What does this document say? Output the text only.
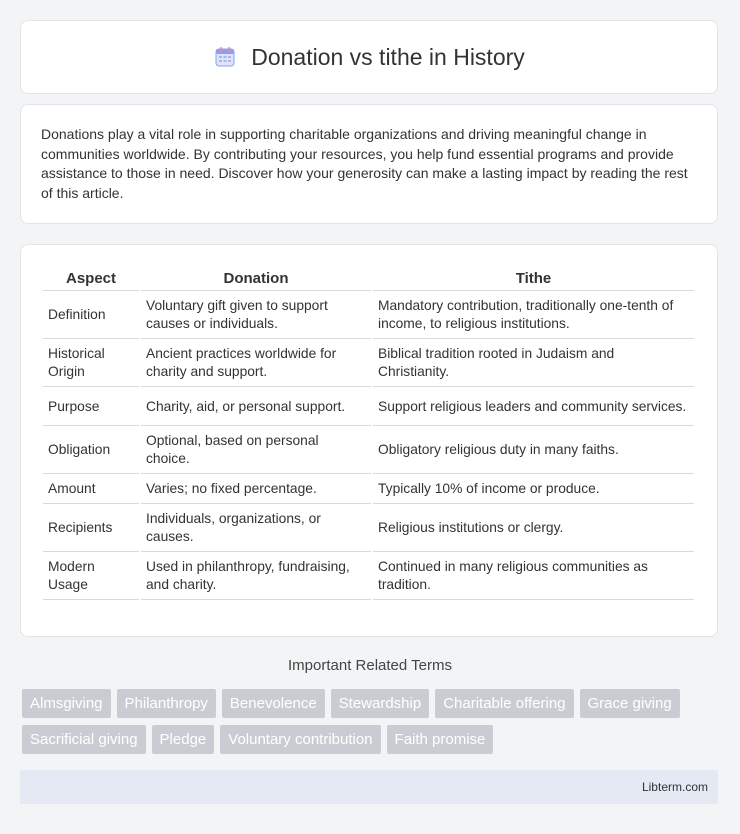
Donation vs tithe in History
Donations play a vital role in supporting charitable organizations and driving meaningful change in communities worldwide. By contributing your resources, you help fund essential programs and provide assistance to those in need. Discover how your generosity can make a lasting impact by reading the rest of this article.
Aspect	Donation	Tithe
Definition	Voluntary gift given to support causes or individuals.	Mandatory contribution, traditionally one-tenth of income, to religious institutions.
Historical Origin	Ancient practices worldwide for charity and support.	Biblical tradition rooted in Judaism and Christianity.
Purpose	Charity, aid, or personal support.	Support religious leaders and community services.
Obligation	Optional, based on personal choice.	Obligatory religious duty in many faiths.
Amount	Varies; no fixed percentage.	Typically 10% of income or produce.
Recipients	Individuals, organizations, or causes.	Religious institutions or clergy.
Modern Usage	Used in philanthropy, fundraising, and charity.	Continued in many religious communities as tradition.
Important Related Terms
Almsgiving	Philanthropy	Benevolence	Stewardship	Charitable offering	Grace giving
Sacrificial giving	Pledge	Voluntary contribution	Faith promise
Libterm.com
